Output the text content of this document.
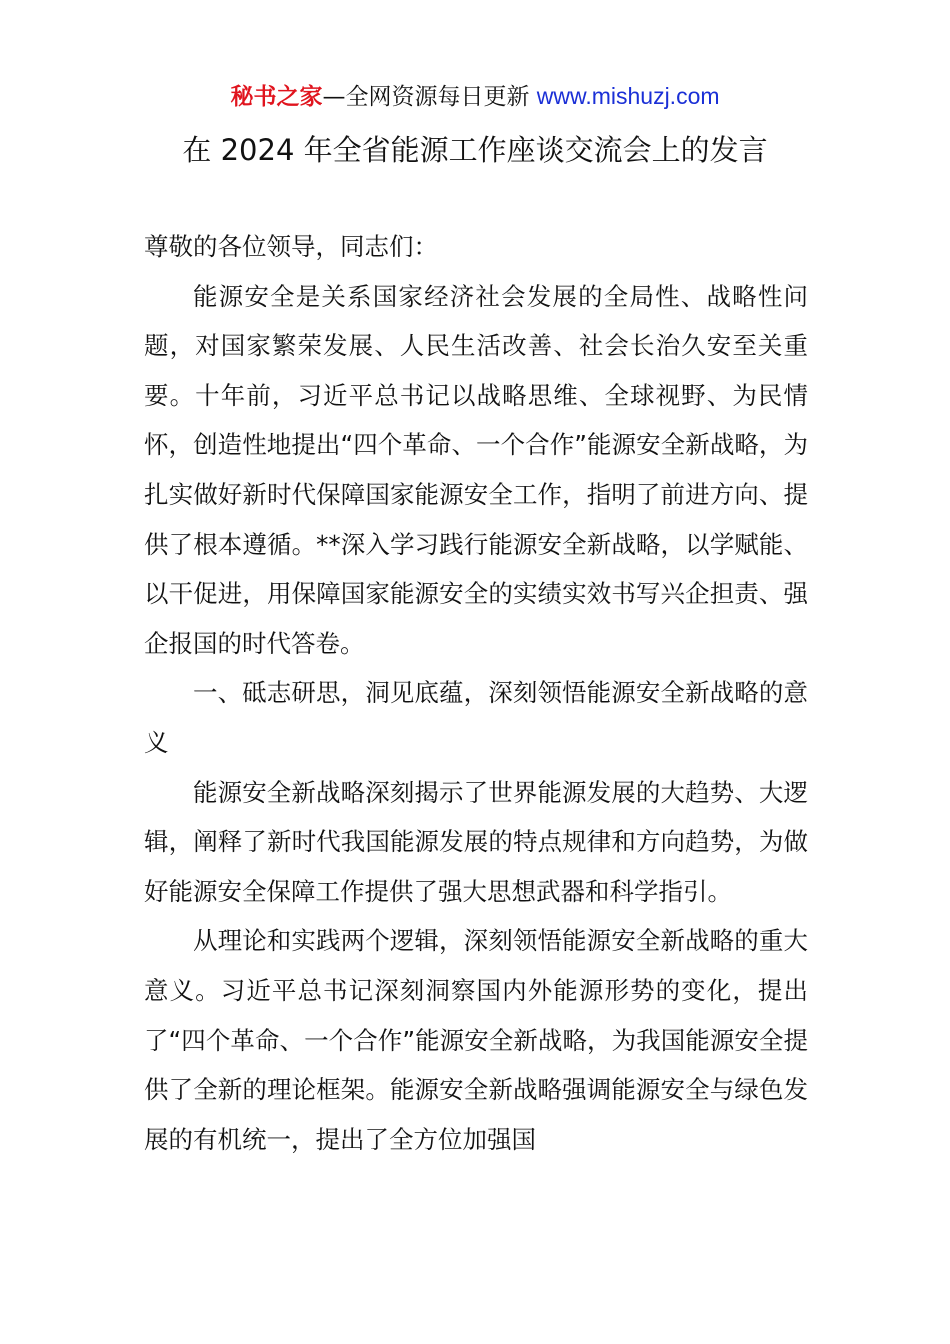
秘书之家—全网资源每日更新 www.mishuzj.com
在 2024 年全省能源工作座谈交流会上的发言

尊敬的各位领导，同志们：

能源安全是关系国家经济社会发展的全局性、战略性问题，对国家繁荣发展、人民生活改善、社会长治久安至关重要。十年前，习近平总书记以战略思维、全球视野、为民情怀，创造性地提出“四个革命、一个合作”能源安全新战略，为扎实做好新时代保障国家能源安全工作，指明了前进方向、提供了根本遵循。**深入学习践行能源安全新战略，以学赋能、以干促进，用保障国家能源安全的实绩实效书写兴企担责、强企报国的时代答卷。

一、砥志研思，洞见底蕴，深刻领悟能源安全新战略的意义

能源安全新战略深刻揭示了世界能源发展的大趋势、大逻辑，阐释了新时代我国能源发展的特点规律和方向趋势，为做好能源安全保障工作提供了强大思想武器和科学指引。

从理论和实践两个逻辑，深刻领悟能源安全新战略的重大意义。习近平总书记深刻洞察国内外能源形势的变化，提出了“四个革命、一个合作”能源安全新战略，为我国能源安全提供了全新的理论框架。能源安全新战略强调能源安全与绿色发展的有机统一，提出了全方位加强国
